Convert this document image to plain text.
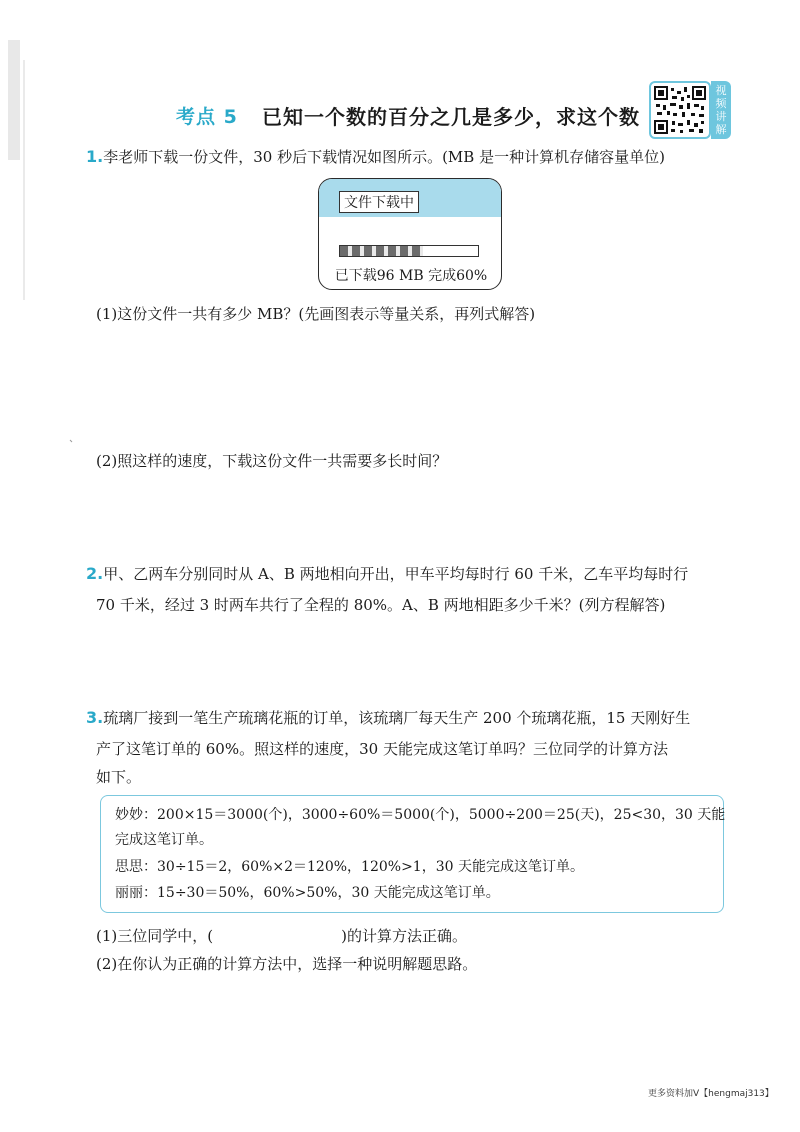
考点 5 已知一个数的百分之几是多少，求这个数
视频讲解
1.李老师下载一份文件，30 秒后下载情况如图所示。(MB 是一种计算机存储容量单位)
文件下载中
已下载96 MB 完成60%
(1)这份文件一共有多少 MB？(先画图表示等量关系，再列式解答)
(2)照这样的速度，下载这份文件一共需要多长时间？
2.甲、乙两车分别同时从 A、B 两地相向开出，甲车平均每时行 60 千米，乙车平均每时行
70 千米，经过 3 时两车共行了全程的 80%。A、B 两地相距多少千米？(列方程解答)
3.琉璃厂接到一笔生产琉璃花瓶的订单，该琉璃厂每天生产 200 个琉璃花瓶，15 天刚好生
产了这笔订单的 60%。照这样的速度，30 天能完成这笔订单吗？三位同学的计算方法
如下。
妙妙：200×15＝3000(个)，3000÷60%＝5000(个)，5000÷200＝25(天)，25<30，30 天能
完成这笔订单。
思思：30÷15＝2，60%×2＝120%，120%>1，30 天能完成这笔订单。
丽丽：15÷30＝50%，60%>50%，30 天能完成这笔订单。
(1)三位同学中，(	)的计算方法正确。
(2)在你认为正确的计算方法中，选择一种说明解题思路。
更多资料加V【hengmaj313】
